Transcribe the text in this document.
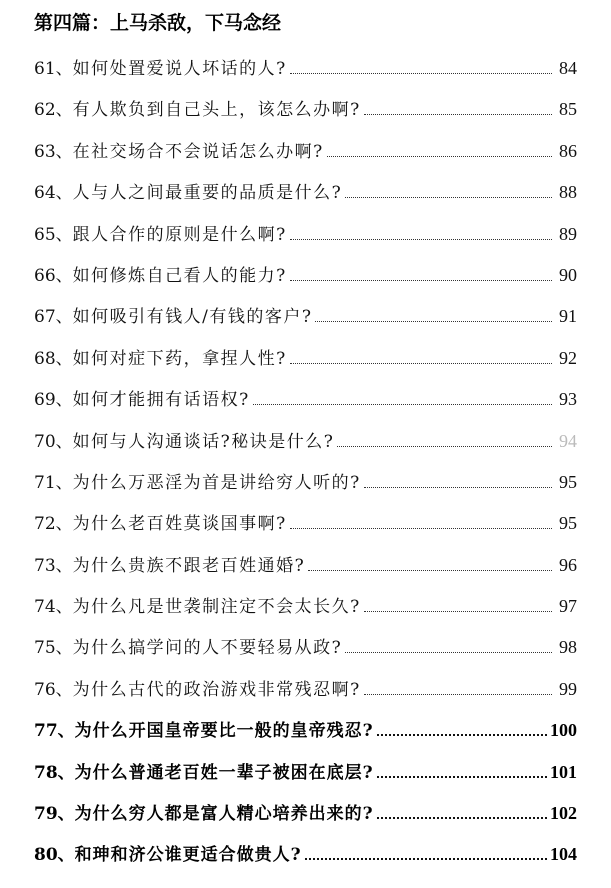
第四篇：上马杀敌，下马念经
61、 如何处置爱说人坏话的人?	84
62、 有人欺负到自己头上，该怎么办啊?	85
63、 在社交场合不会说话怎么办啊?	86
64、 人与人之间最重要的品质是什么?	88
65、 跟人合作的原则是什么啊?	89
66、 如何修炼自己看人的能力?	90
67、 如何吸引有钱人/有钱的客户?	91
68、 如何对症下药，拿捏人性?	92
69、 如何才能拥有话语权?	93
70、 如何与人沟通谈话?秘诀是什么?	94
71、 为什么万恶淫为首是讲给穷人听的?	95
72、 为什么老百姓莫谈国事啊?	95
73、 为什么贵族不跟老百姓通婚?	96
74、 为什么凡是世袭制注定不会太长久?	97
75、 为什么搞学问的人不要轻易从政?	98
76、 为什么古代的政治游戏非常残忍啊?	99
77、 为什么开国皇帝要比一般的皇帝残忍?	100
78、 为什么普通老百姓一辈子被困在底层?	101
79、 为什么穷人都是富人精心培养出来的?	102
80、 和珅和济公谁更适合做贵人?	104
